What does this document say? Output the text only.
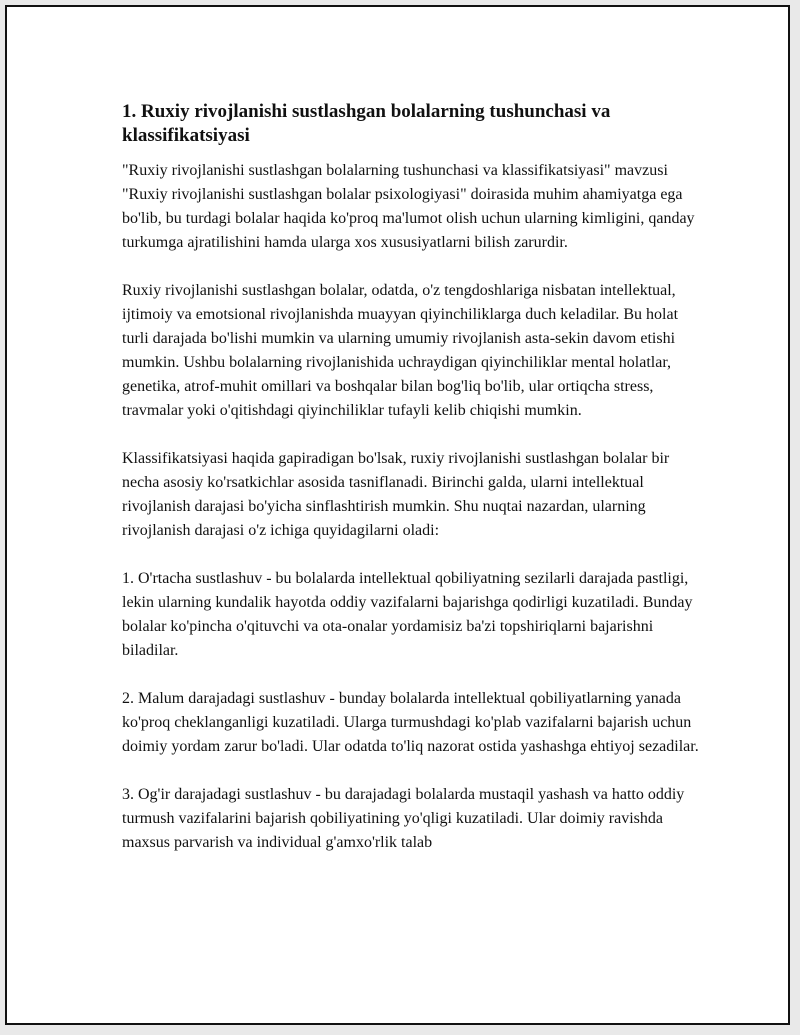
1. Ruxiy rivojlanishi sustlashgan bolalarning tushunchasi va klassifikatsiyasi

"Ruxiy rivojlanishi sustlashgan bolalarning tushunchasi va klassifikatsiyasi" mavzusi "Ruxiy rivojlanishi sustlashgan bolalar psixologiyasi" doirasida muhim ahamiyatga ega bo'lib, bu turdagi bolalar haqida ko'proq ma'lumot olish uchun ularning kimligini, qanday turkumga ajratilishini hamda ularga xos xususiyatlarni bilish zarurdir.

Ruxiy rivojlanishi sustlashgan bolalar, odatda, o'z tengdoshlariga nisbatan intellektual, ijtimoiy va emotsional rivojlanishda muayyan qiyinchiliklarga duch keladilar. Bu holat turli darajada bo'lishi mumkin va ularning umumiy rivojlanish asta-sekin davom etishi mumkin. Ushbu bolalarning rivojlanishida uchraydigan qiyinchiliklar mental holatlar, genetika, atrof-muhit omillari va boshqalar bilan bog'liq bo'lib, ular ortiqcha stress, travmalar yoki o'qitishdagi qiyinchiliklar tufayli kelib chiqishi mumkin.

Klassifikatsiyasi haqida gapiradigan bo'lsak, ruxiy rivojlanishi sustlashgan bolalar bir necha asosiy ko'rsatkichlar asosida tasniflanadi. Birinchi galda, ularni intellektual rivojlanish darajasi bo'yicha sinflashtirish mumkin. Shu nuqtai nazardan, ularning rivojlanish darajasi o'z ichiga quyidagilarni oladi:

1. O'rtacha sustlashuv - bu bolalarda intellektual qobiliyatning sezilarli darajada pastligi, lekin ularning kundalik hayotda oddiy vazifalarni bajarishga qodirligi kuzatiladi. Bunday bolalar ko'pincha o'qituvchi va ota-onalar yordamisiz ba'zi topshiriqlarni bajarishni biladilar.

2. Malum darajadagi sustlashuv - bunday bolalarda intellektual qobiliyatlarning yanada ko'proq cheklanganligi kuzatiladi. Ularga turmushdagi ko'plab vazifalarni bajarish uchun doimiy yordam zarur bo'ladi. Ular odatda to'liq nazorat ostida yashashga ehtiyoj sezadilar.

3. Og'ir darajadagi sustlashuv - bu darajadagi bolalarda mustaqil yashash va hatto oddiy turmush vazifalarini bajarish qobiliyatining yo'qligi kuzatiladi. Ular doimiy ravishda maxsus parvarish va individual g'amxo'rlik talab
